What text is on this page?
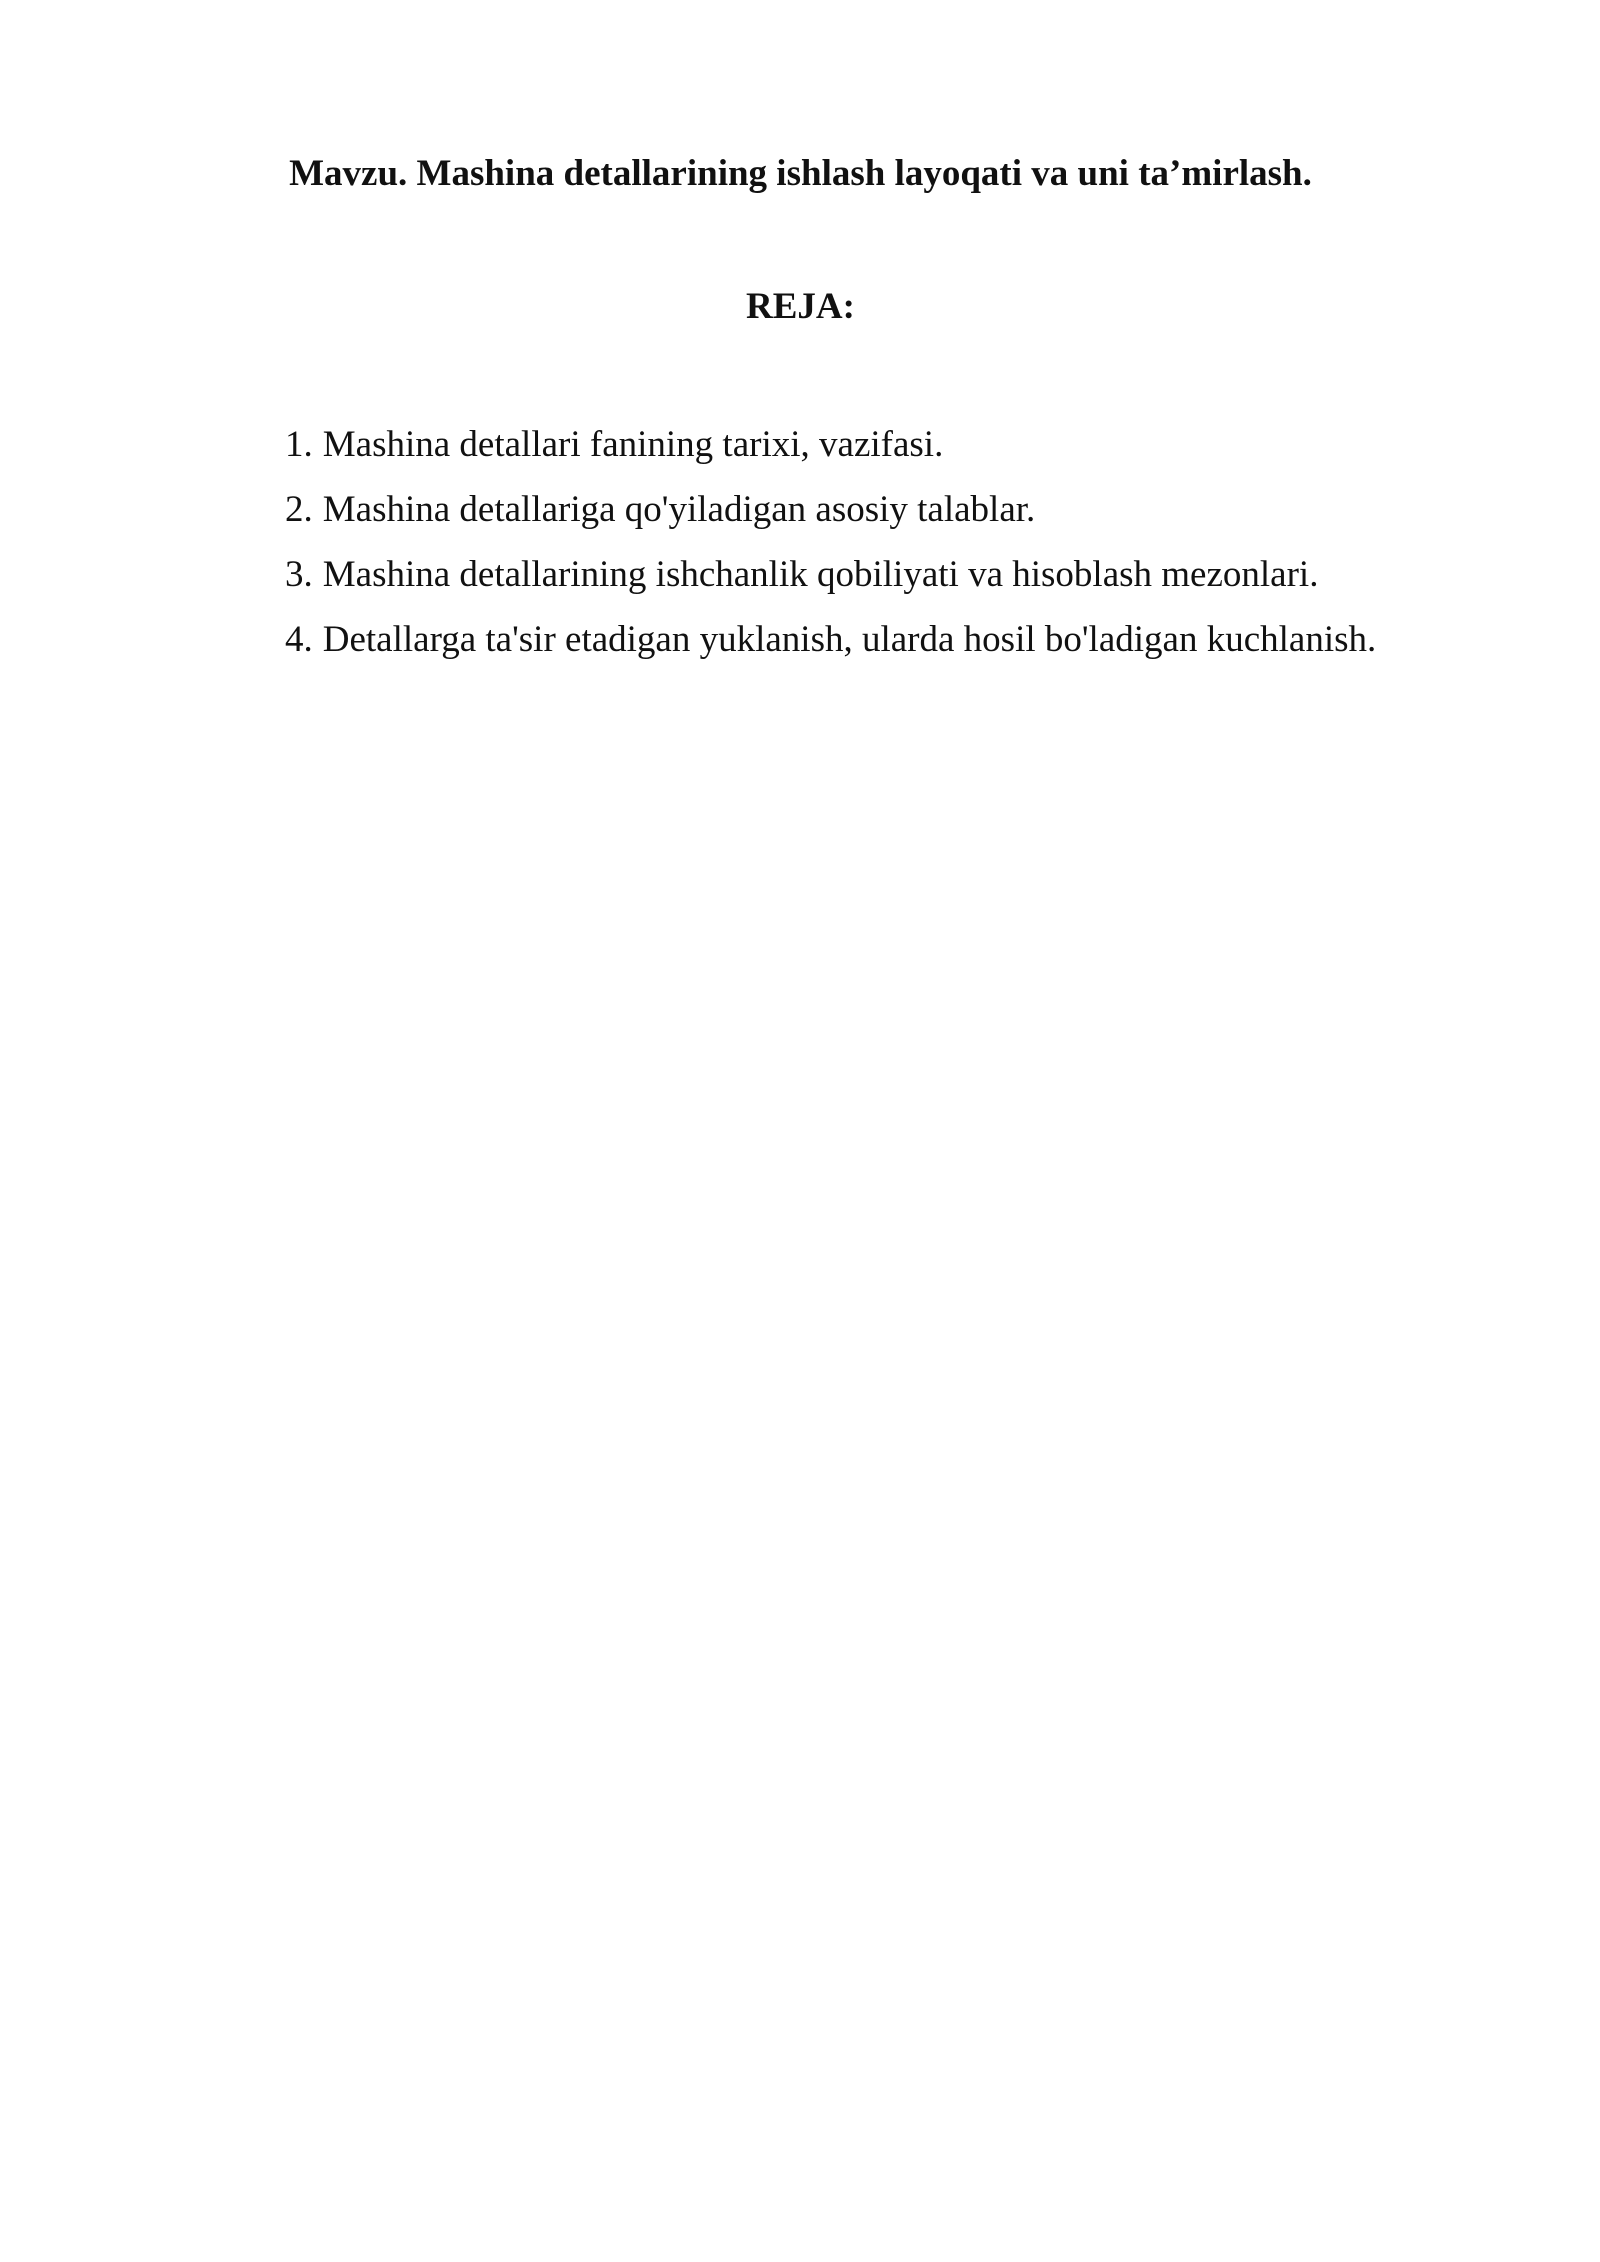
Mavzu. Mashina detallarining ishlash layoqati va uni ta’mirlash.
REJA:
1. Mashina detallari fanining tarixi, vazifasi.
2. Mashina detallariga qo'yiladigan asosiy talablar.
3. Mashina detallarining ishchanlik qobiliyati va hisoblash mezonlari.
4. Detallarga ta'sir etadigan yuklanish, ularda hosil bo'ladigan kuchlanish.
